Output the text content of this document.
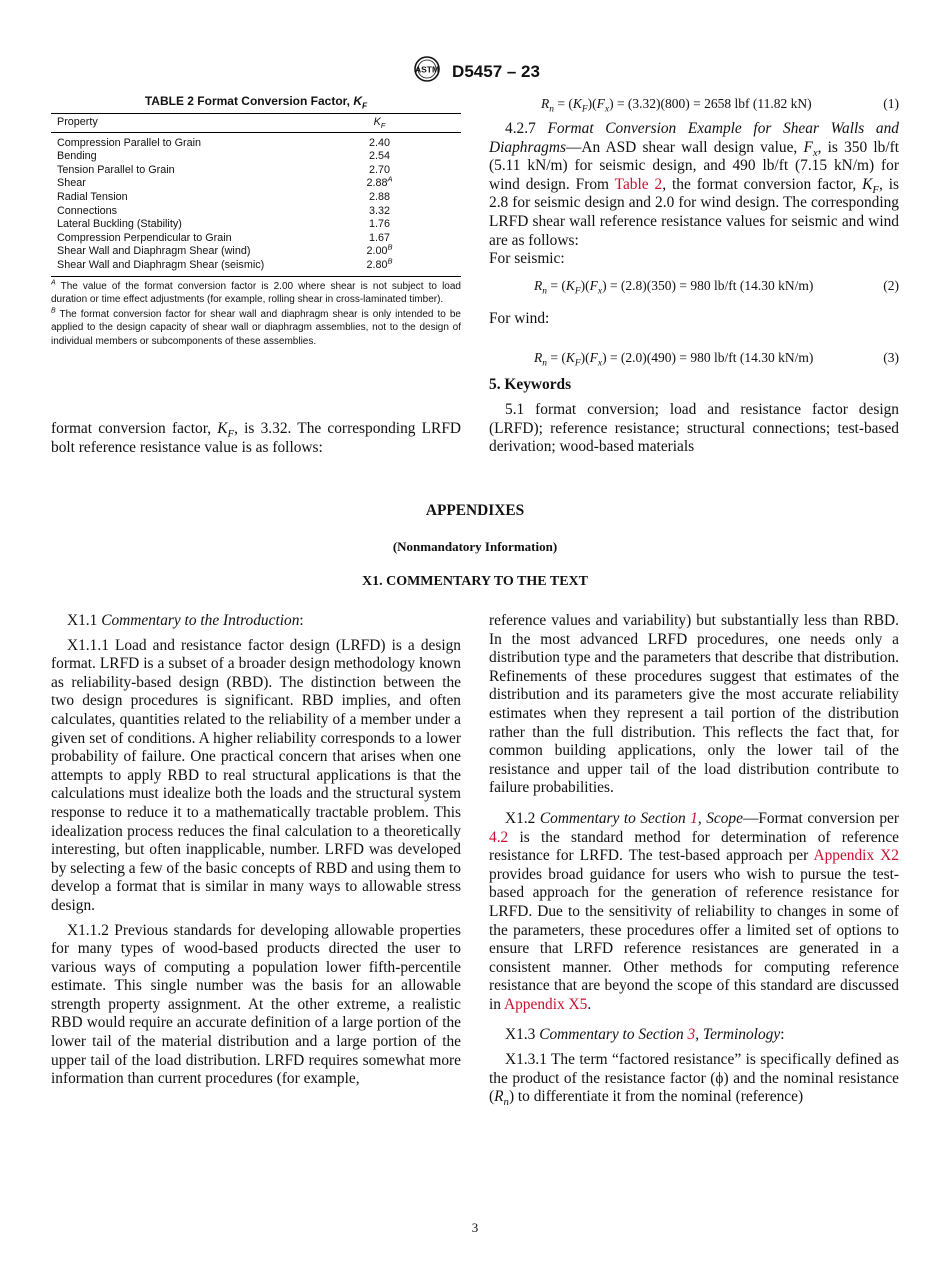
ASTM D5457 – 23
TABLE 2 Format Conversion Factor, $K_F$
Property	$K_F$
Compression Parallel to Grain	2.40
Bending	2.54
Tension Parallel to Grain	2.70
Shear	$2.88^A$
Radial Tension	2.88
Connections	3.32
Lateral Buckling (Stability)	1.76
Compression Perpendicular to Grain	1.67
Shear Wall and Diaphragm Shear (wind)	$2.00^B$
Shear Wall and Diaphragm Shear (seismic)	$2.80^B$

$^A$ The value of the format conversion factor is 2.00 where shear is not subject to load duration or time effect adjustments (for example, rolling shear in cross-laminated timber).

$^B$ The format conversion factor for shear wall and diaphragm shear is only intended to be applied to the design capacity of shear wall or diaphragm assemblies, not to the design of individual members or subcomponents of these assemblies.

format conversion factor, $K_F$, is 3.32. The corresponding LRFD bolt reference resistance value is as follows:

$R_n = (K_F)(F_x) = (3.32)(800) = 2658$ lbf (11.82 kN)	(1)

4.2.7 Format Conversion Example for Shear Walls and Diaphragms—An ASD shear wall design value, $F_x$, is 350 lb/ft (5.11 kN/m) for seismic design, and 490 lb/ft (7.15 kN/m) for wind design. From Table 2, the format conversion factor, $K_F$, is 2.8 for seismic design and 2.0 for wind design. The corresponding LRFD shear wall reference resistance values for seismic and wind are as follows:

For seismic:

$R_n = (K_F)(F_x) = (2.8)(350) = 980$ lb/ft (14.30 kN/m)	(2)

For wind:

$R_n = (K_F)(F_x) = (2.0)(490) = 980$ lb/ft (14.30 kN/m)	(3)

5. Keywords

5.1 format conversion; load and resistance factor design (LRFD); reference resistance; structural connections; test-based derivation; wood-based materials

APPENDIXES
(Nonmandatory Information)
X1. COMMENTARY TO THE TEXT

X1.1 Commentary to the Introduction:

X1.1.1 Load and resistance factor design (LRFD) is a design format. LRFD is a subset of a broader design methodology known as reliability-based design (RBD). The distinction between the two design procedures is significant. RBD implies, and often calculates, quantities related to the reliability of a member under a given set of conditions. A higher reliability corresponds to a lower probability of failure. One practical concern that arises when one attempts to apply RBD to real structural applications is that the calculations must idealize both the loads and the structural system response to reduce it to a mathematically tractable problem. This idealization process reduces the final calculation to a theoretically interesting, but often inapplicable, number. LRFD was developed by selecting a few of the basic concepts of RBD and using them to develop a format that is similar in many ways to allowable stress design.

X1.1.2 Previous standards for developing allowable properties for many types of wood-based products directed the user to various ways of computing a population lower fifth-percentile estimate. This single number was the basis for an allowable strength property assignment. At the other extreme, a realistic RBD would require an accurate definition of a large portion of the lower tail of the material distribution and a large portion of the upper tail of the load distribution. LRFD requires somewhat more information than current procedures (for example,

reference values and variability) but substantially less than RBD. In the most advanced LRFD procedures, one needs only a distribution type and the parameters that describe that distribution. Refinements of these procedures suggest that estimates of the distribution and its parameters give the most accurate reliability estimates when they represent a tail portion of the distribution rather than the full distribution. This reflects the fact that, for common building applications, only the lower tail of the resistance and upper tail of the load distribution contribute to failure probabilities.

X1.2 Commentary to Section 1, Scope—Format conversion per 4.2 is the standard method for determination of reference resistance for LRFD. The test-based approach per Appendix X2 provides broad guidance for users who wish to pursue the test-based approach for the generation of reference resistance for LRFD. Due to the sensitivity of reliability to changes in some of the parameters, these procedures offer a limited set of options to ensure that LRFD reference resistances are generated in a consistent manner. Other methods for computing reference resistance that are beyond the scope of this standard are discussed in Appendix X5.

X1.3 Commentary to Section 3, Terminology:

X1.3.1 The term “factored resistance” is specifically defined as the product of the resistance factor (ϕ) and the nominal resistance $(R_n)$ to differentiate it from the nominal (reference)

3
